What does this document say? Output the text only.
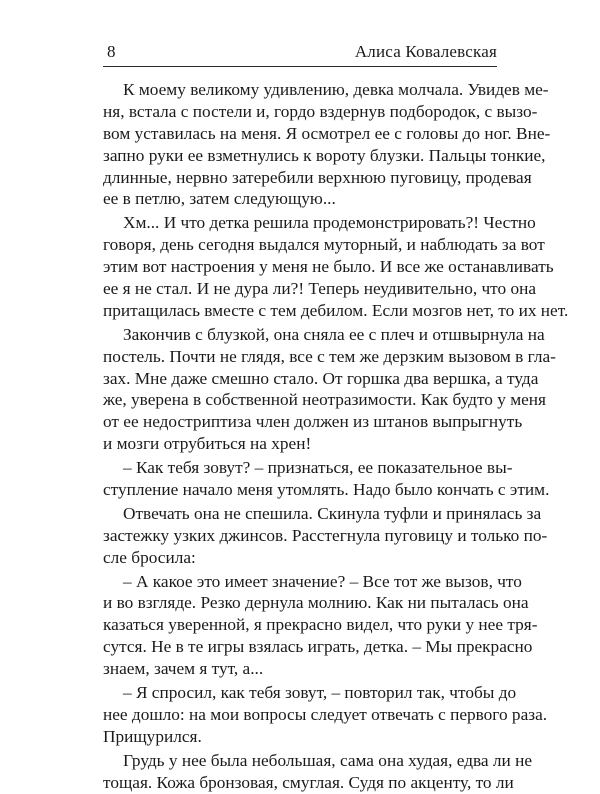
8	Алиса Ковалевская
К моему великому удивлению, девка молчала. Увидев ме-
ня, встала с постели и, гордо вздернув подбородок, с вызо-
вом уставилась на меня. Я осмотрел ее с головы до ног. Вне-
запно руки ее взметнулись к вороту блузки. Пальцы тонкие,
длинные, нервно затеребили верхнюю пуговицу, продевая
ее в петлю, затем следующую...
Хм... И что детка решила продемонстрировать?! Честно
говоря, день сегодня выдался муторный, и наблюдать за вот
этим вот настроения у меня не было. И все же останавливать
ее я не стал. И не дура ли?! Теперь неудивительно, что она
притащилась вместе с тем дебилом. Если мозгов нет, то их нет.
Закончив с блузкой, она сняла ее с плеч и отшвырнула на
постель. Почти не глядя, все с тем же дерзким вызовом в гла-
зах. Мне даже смешно стало. От горшка два вершка, а туда
же, уверена в собственной неотразимости. Как будто у меня
от ее недостриптиза член должен из штанов выпрыгнуть
и мозги отрубиться на хрен!
– Как тебя зовут? – признаться, ее показательное вы-
ступление начало меня утомлять. Надо было кончать с этим.
Отвечать она не спешила. Скинула туфли и принялась за
застежку узких джинсов. Расстегнула пуговицу и только по-
сле бросила:
– А какое это имеет значение? – Все тот же вызов, что
и во взгляде. Резко дернула молнию. Как ни пыталась она
казаться уверенной, я прекрасно видел, что руки у нее тря-
сутся. Не в те игры взялась играть, детка. – Мы прекрасно
знаем, зачем я тут, а...
– Я спросил, как тебя зовут, – повторил так, чтобы до
нее дошло: на мои вопросы следует отвечать с первого раза.
Прищурился.
Грудь у нее была небольшая, сама она худая, едва ли не
тощая. Кожа бронзовая, смуглая. Судя по акценту, то ли
